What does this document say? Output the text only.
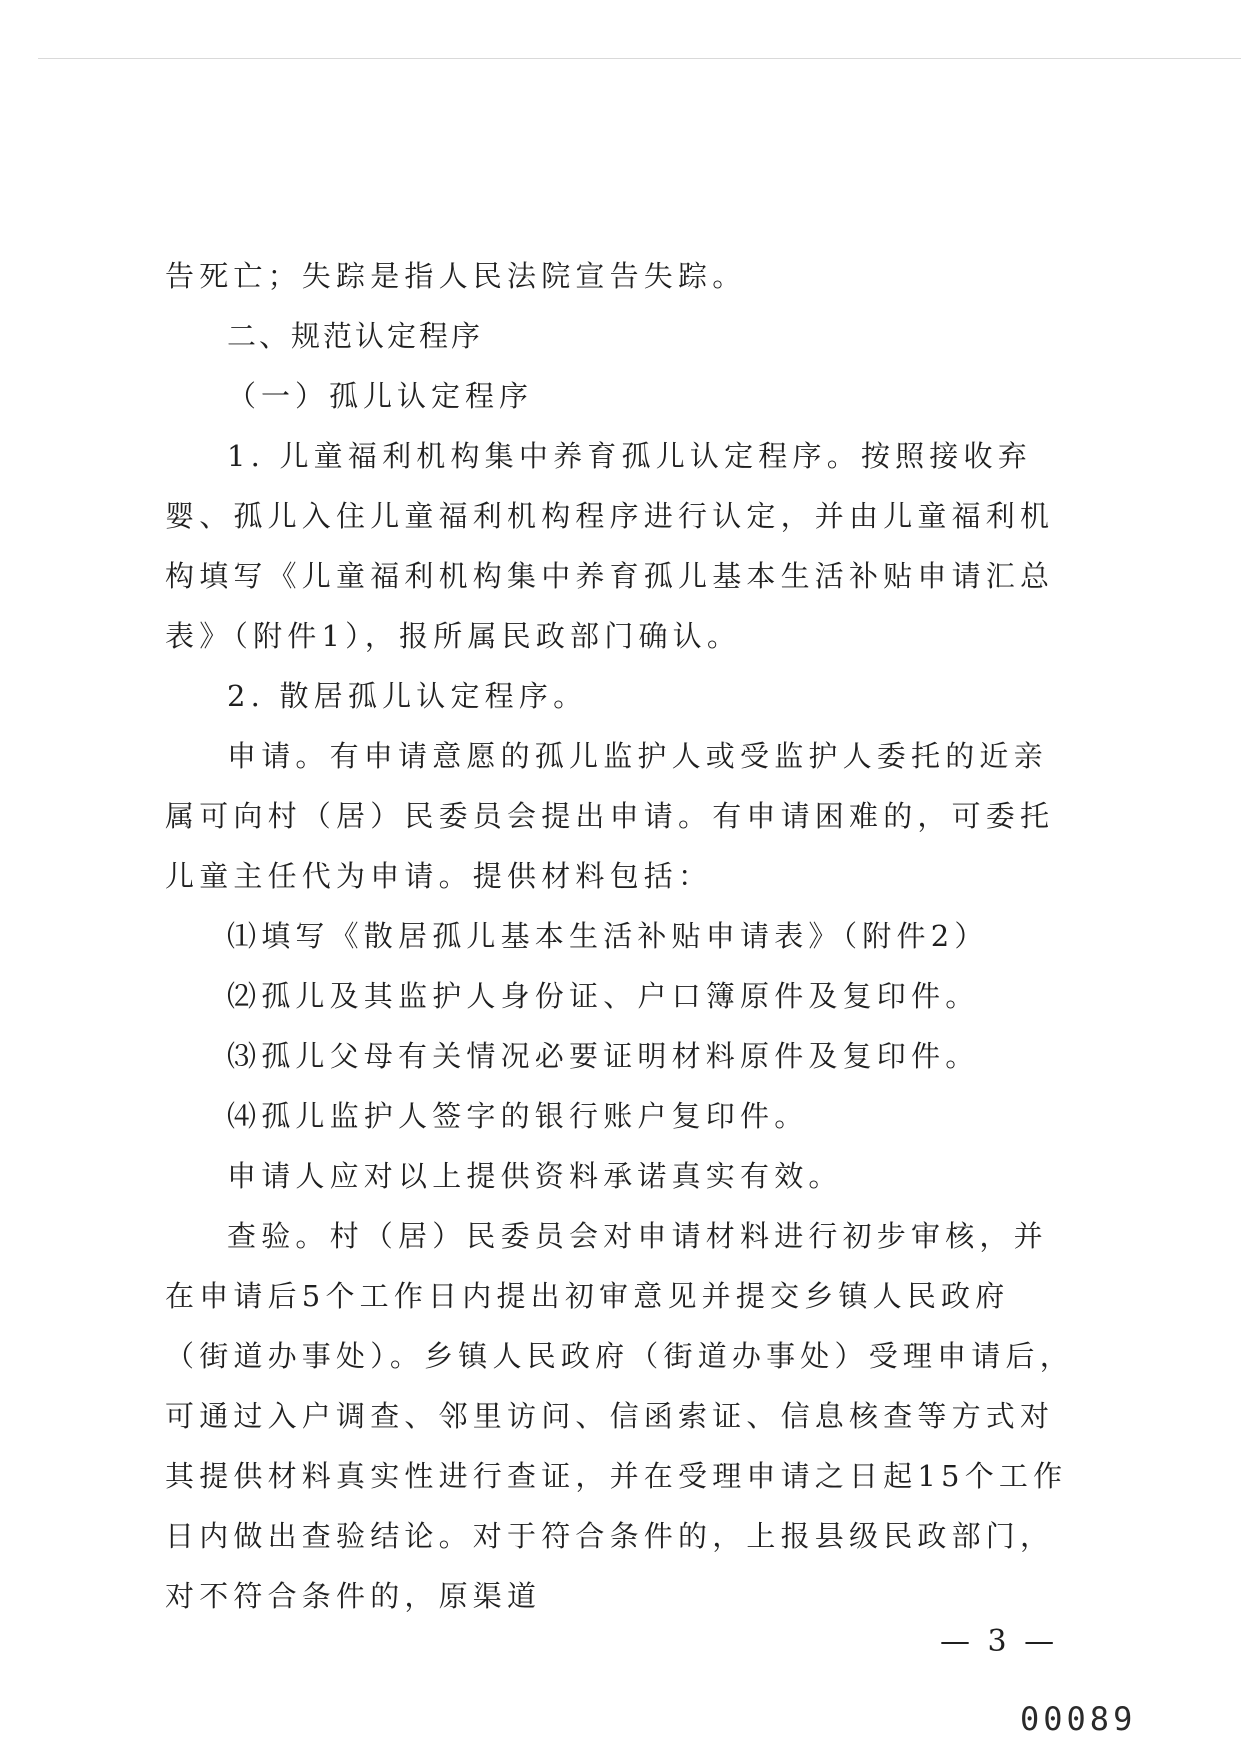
告死亡；失踪是指人民法院宣告失踪。

二、规范认定程序

（一）孤儿认定程序

1. 儿童福利机构集中养育孤儿认定程序。按照接收弃婴、孤儿入住儿童福利机构程序进行认定，并由儿童福利机构填写《儿童福利机构集中养育孤儿基本生活补贴申请汇总表》（附件1），报所属民政部门确认。

2. 散居孤儿认定程序。

申请。有申请意愿的孤儿监护人或受监护人委托的近亲属可向村（居）民委员会提出申请。有申请困难的，可委托儿童主任代为申请。提供材料包括：

⑴填写《散居孤儿基本生活补贴申请表》（附件2）

⑵孤儿及其监护人身份证、户口簿原件及复印件。

⑶孤儿父母有关情况必要证明材料原件及复印件。

⑷孤儿监护人签字的银行账户复印件。

申请人应对以上提供资料承诺真实有效。

查验。村（居）民委员会对申请材料进行初步审核，并在申请后5个工作日内提出初审意见并提交乡镇人民政府（街道办事处）。乡镇人民政府（街道办事处）受理申请后，可通过入户调查、邻里访问、信函索证、信息核查等方式对其提供材料真实性进行查证，并在受理申请之日起15个工作日内做出查验结论。对于符合条件的，上报县级民政部门，对不符合条件的，原渠道

— 3 —
00089
